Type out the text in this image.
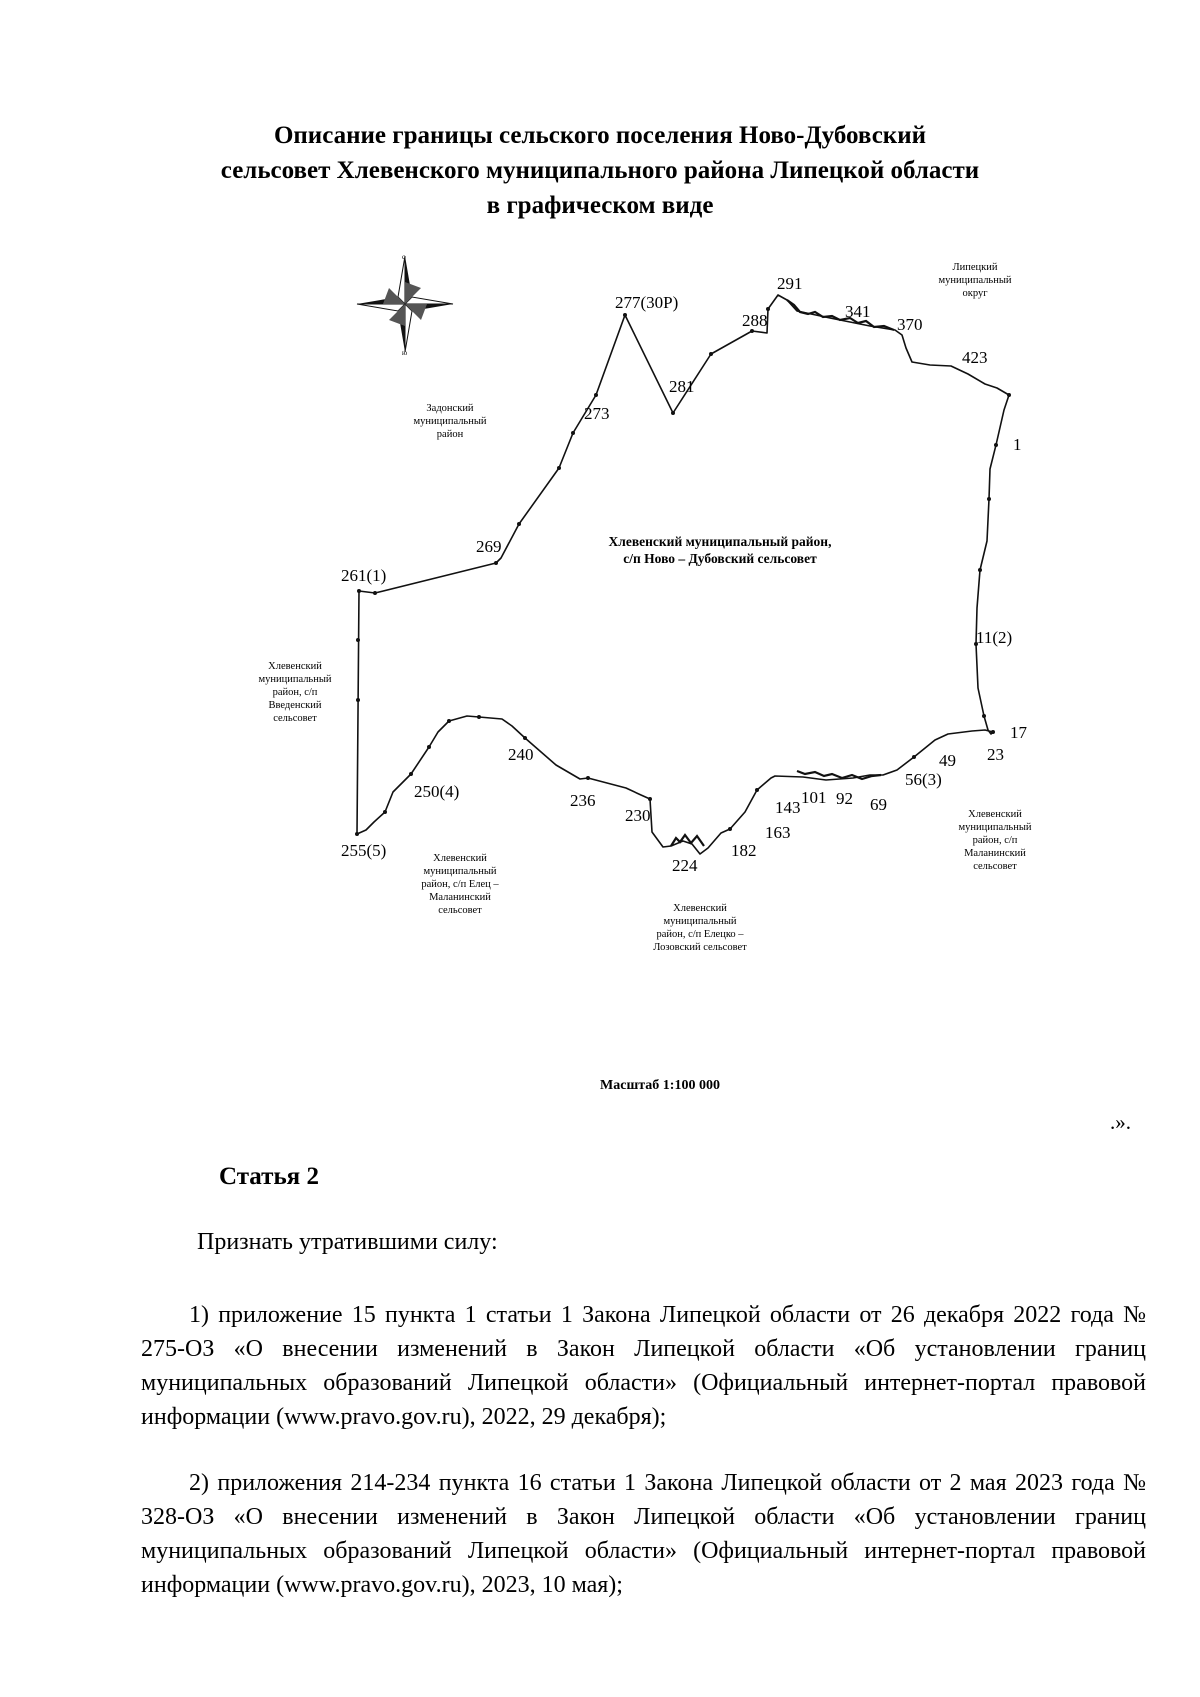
Описание границы сельского поселения Ново-Дубовский
сельсовет Хлевенского муниципального района Липецкой области
в графическом виде
с
ю
Липецкий
муниципальный
округ
Задонский
муниципальный
район
Хлевенский муниципальный район,
с/п Ново – Дубовский сельсовет
Хлевенский
муниципальный
район, с/п
Введенский
сельсовет
Хлевенский
муниципальный
район, с/п Елец –
Маланинский
сельсовет	Хлевенский
муниципальный
район, с/п Елецко –
Лозовский сельсовет
Хлевенский
муниципальный
район, с/п
Маланинский
сельсовет
277(30Р)
291
341
370
288
423
281
273
1
269
261(1)
11(2)
17
23
49
56(3)
69
92
101
143
163
182
224
230
236
240
250(4)
255(5)
Масштаб 1:100 000
.».
Статья 2
Признать утратившими силу:
1) приложение 15 пункта 1 статьи 1 Закона Липецкой области от 26 декабря 2022 года № 275-ОЗ «О внесении изменений в Закон Липецкой области «Об установлении границ муниципальных образований Липецкой области» (Официальный интернет-портал правовой информации (www.pravo.gov.ru), 2022, 29 декабря);
2) приложения 214-234 пункта 16 статьи 1 Закона Липецкой области от 2 мая 2023 года № 328-ОЗ «О внесении изменений в Закон Липецкой области «Об установлении границ муниципальных образований Липецкой области» (Официальный интернет-портал правовой информации (www.pravo.gov.ru), 2023, 10 мая);
